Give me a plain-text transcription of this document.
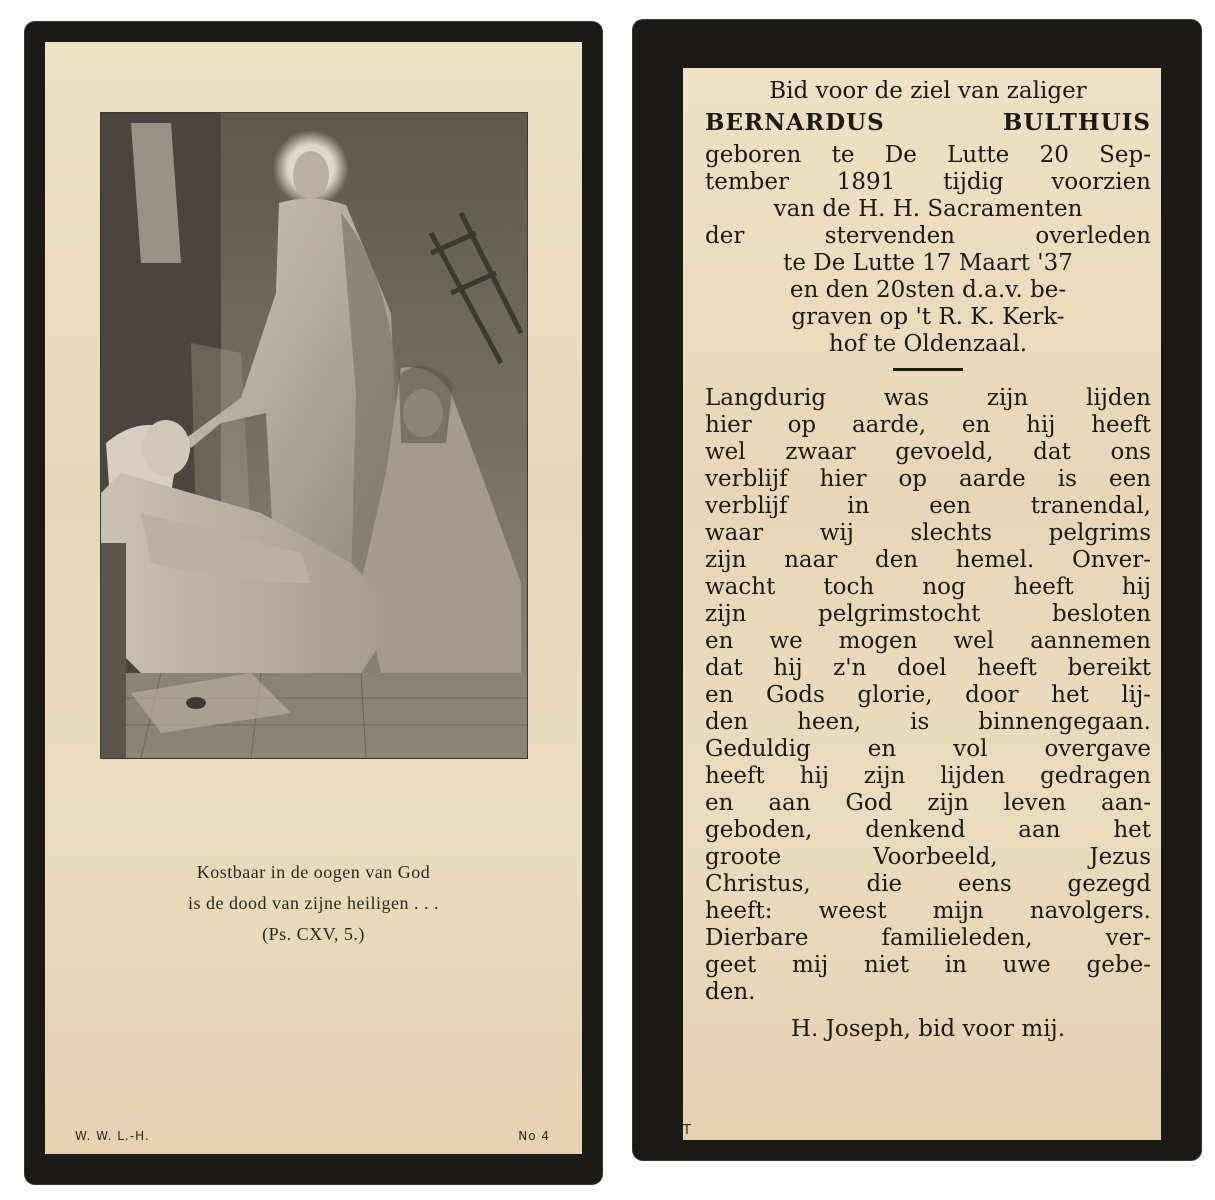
Kostbaar in de oogen van God
is de dood van zijne heiligen . . .
(Ps. CXV, 5.)
W. W. L.-H.	No 4
Bid voor de ziel van zaliger
BERNARDUS BULTHUIS
geboren te De Lutte 20 Sep-
tember 1891 tijdig voorzien
van de H. H. Sacramenten
der stervenden overleden
te De Lutte 17 Maart '37
en den 20sten d.a.v. be-
graven op 't R. K. Kerk-
hof te Oldenzaal.
Langdurig was zijn lijden
hier op aarde, en hij heeft
wel zwaar gevoeld, dat ons
verblijf hier op aarde is een
verblijf in een tranendal,
waar wij slechts pelgrims
zijn naar den hemel. Onver-
wacht toch nog heeft hij
zijn pelgrimstocht besloten
en we mogen wel aannemen
dat hij z'n doel heeft bereikt
en Gods glorie, door het lij-
den heen, is binnengegaan.
Geduldig en vol overgave
heeft hij zijn lijden gedragen
en aan God zijn leven aan-
geboden, denkend aan het
groote Voorbeeld, Jezus
Christus, die eens gezegd
heeft: weest mijn navolgers.
Dierbare familieleden, ver-
geet mij niet in uwe gebe-
den.
H. Joseph, bid voor mij.
T
